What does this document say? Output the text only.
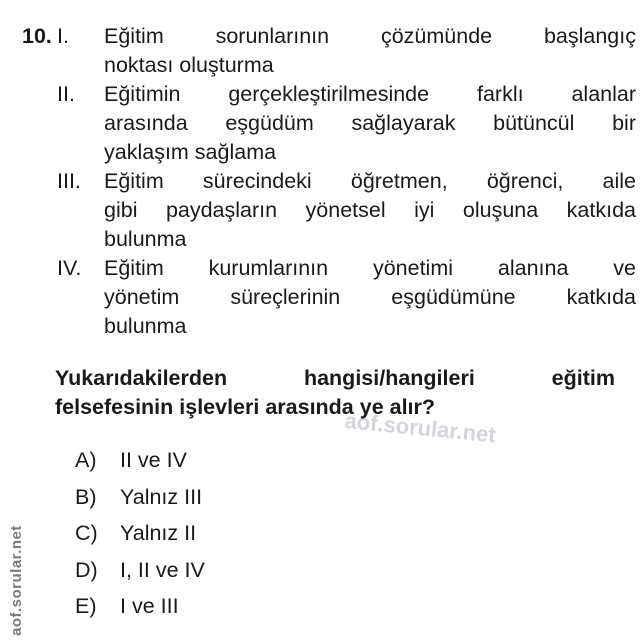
aof.sorular.net
aof.sorular.net
10. I.	Eğitim sorunlarının çözümünde başlangıç
noktası oluşturma
II.	Eğitimin gerçekleştirilmesinde farklı alanlar
arasında eşgüdüm sağlayarak bütüncül bir
yaklaşım sağlama
III.	Eğitim sürecindeki öğretmen, öğrenci, aile
gibi paydaşların yönetsel iyi oluşuna katkıda
bulunma
IV.	Eğitim kurumlarının yönetimi alanına ve
yönetim süreçlerinin eşgüdümüne katkıda
bulunma
Yukarıdakilerden hangisi/hangileri eğitim
felsefesinin işlevleri arasında ye alır?
A)	II ve IV
B)	Yalnız III
C)	Yalnız II
D)	I, II ve IV
E)	I ve III
